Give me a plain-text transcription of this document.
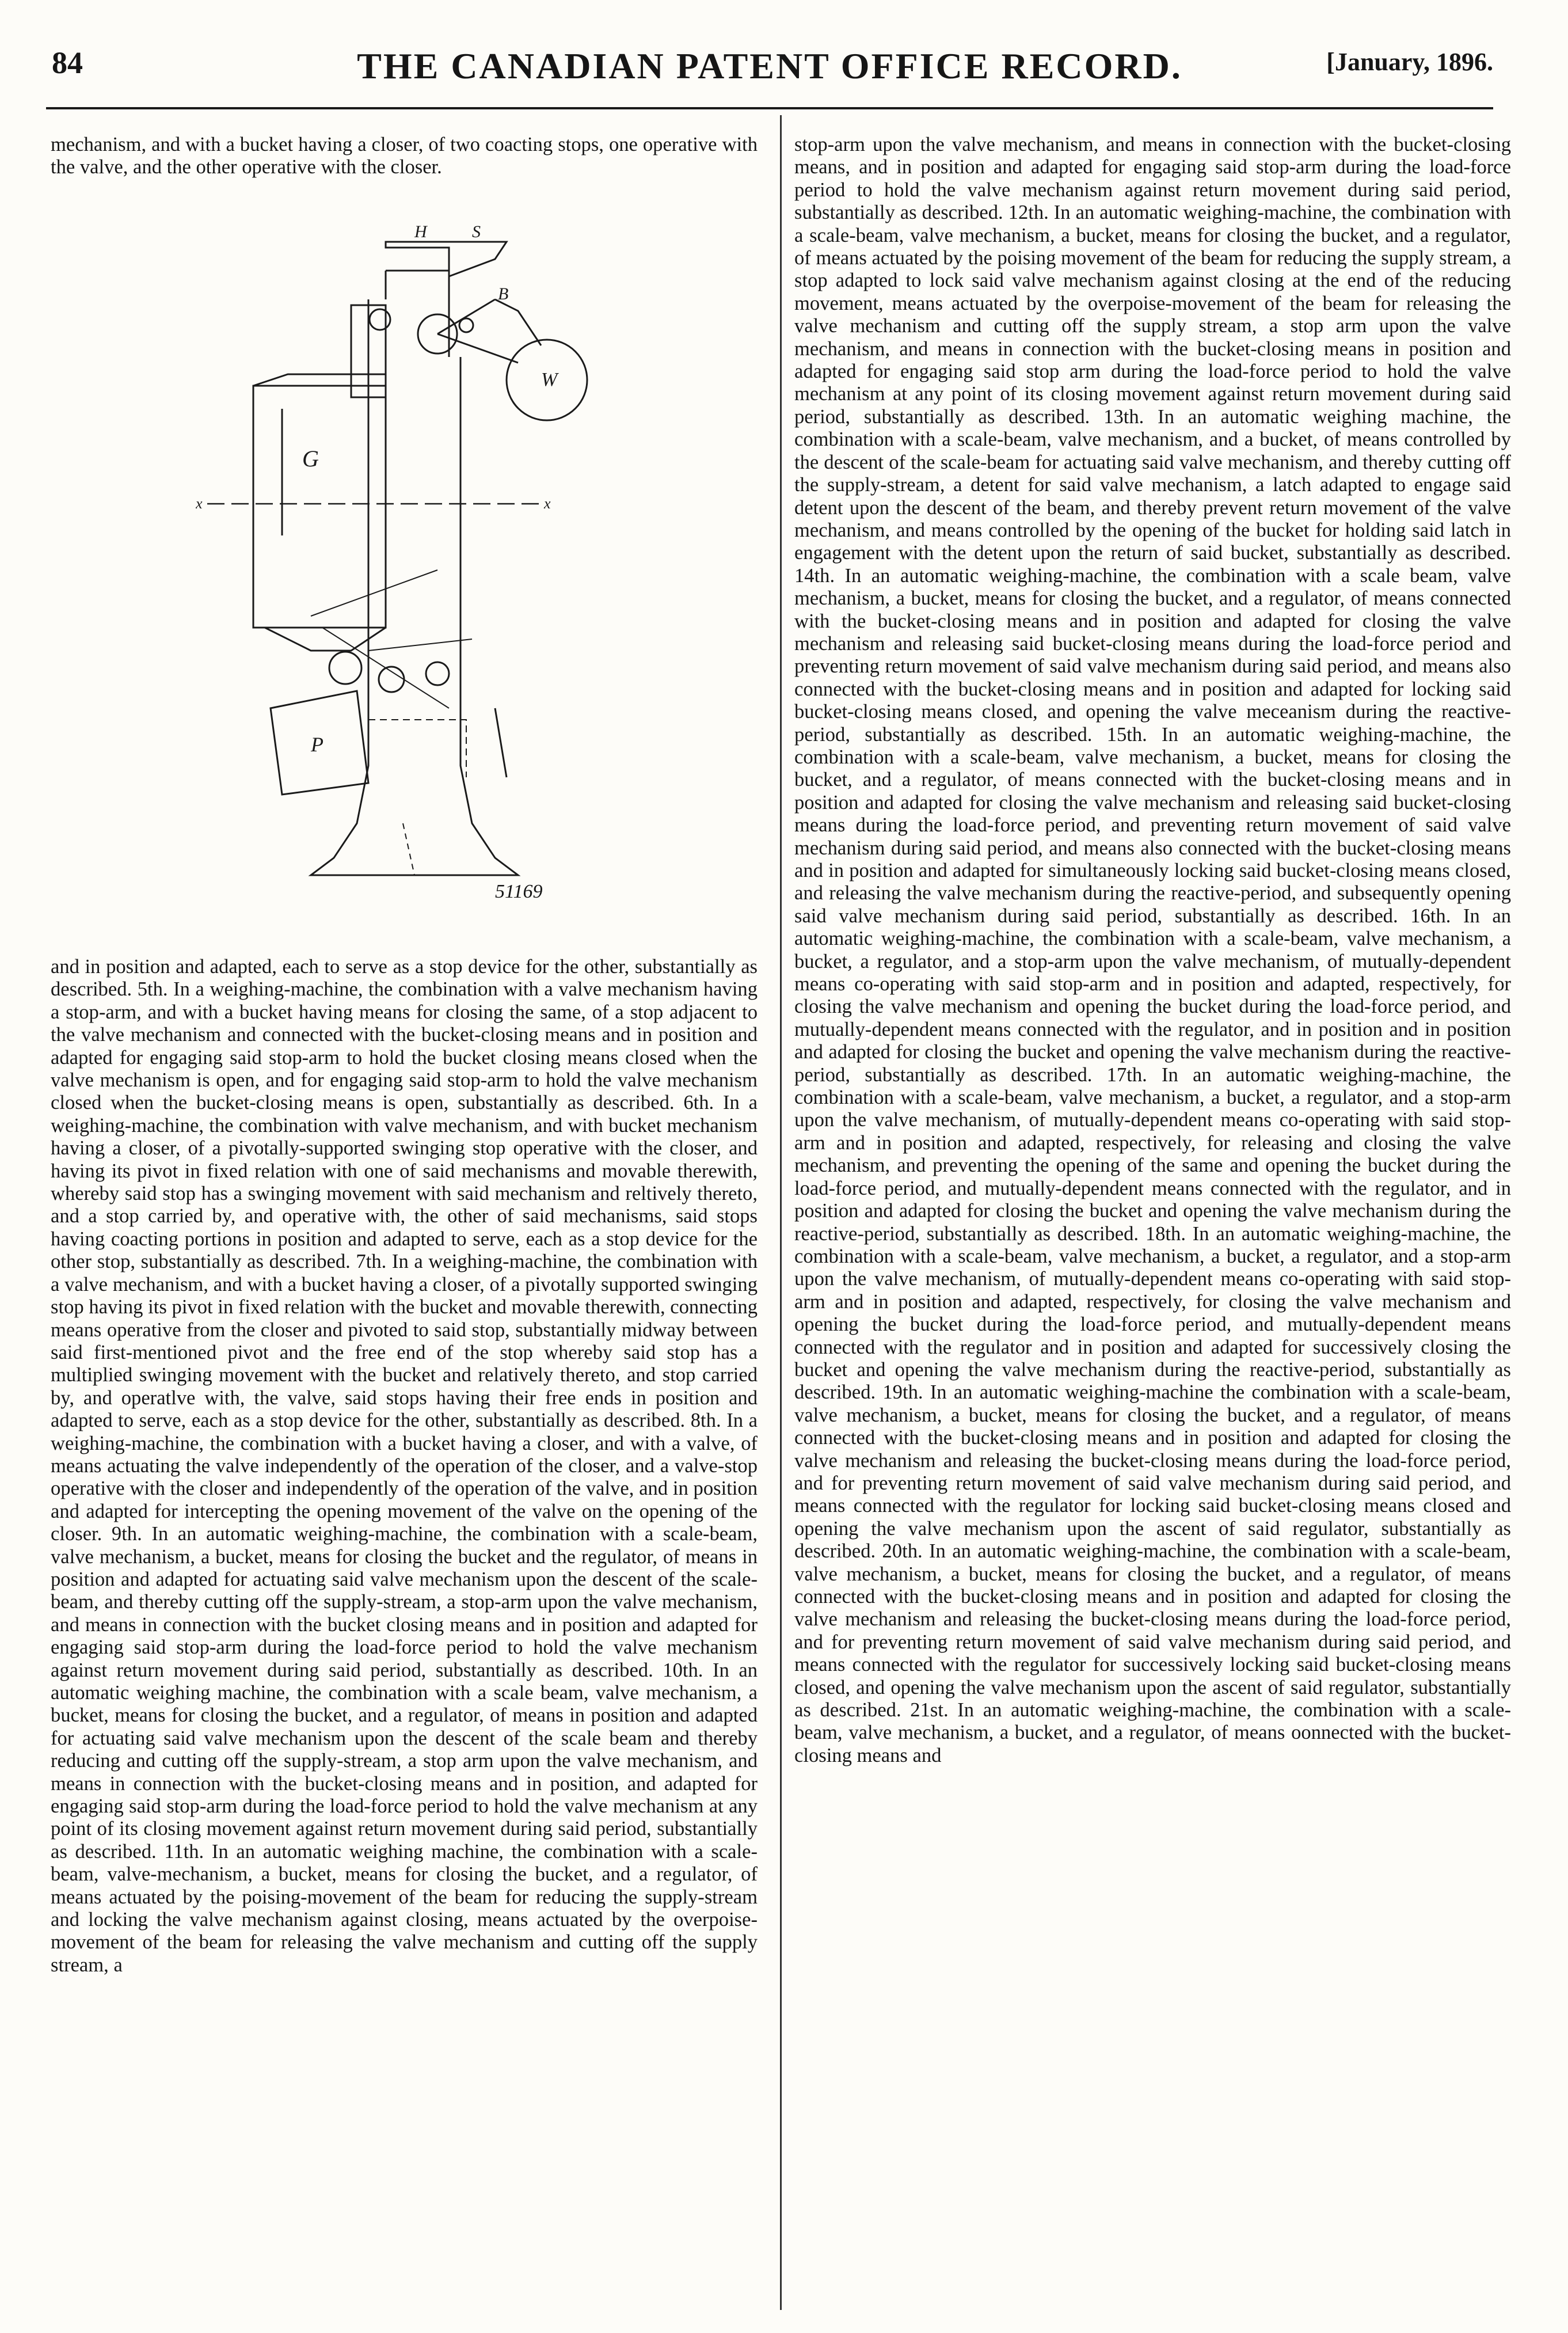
84	THE CANADIAN PATENT OFFICE RECORD.	[January, 1896.
mechanism, and with a bucket having a closer, of two coacting stops, one operative with the valve, and the other operative with the closer.
H	S
B
W
G
P
x	x
51169
and in position and adapted, each to serve as a stop device for the other, substantially as described. 5th. In a weighing-machine, the combination with a valve mechanism having a stop-arm, and with a bucket having means for closing the same, of a stop adjacent to the valve mechanism and connected with the bucket-closing means and in position and adapted for engaging said stop-arm to hold the bucket closing means closed when the valve mechanism is open, and for engaging said stop-arm to hold the valve mechanism closed when the bucket-closing means is open, substantially as described. 6th. In a weighing-machine, the combination with valve mechanism, and with bucket mechanism having a closer, of a pivotally-supported swinging stop operative with the closer, and having its pivot in fixed relation with one of said mechanisms and movable therewith, whereby said stop has a swinging movement with said mechanism and reltively thereto, and a stop carried by, and operative with, the other of said mechanisms, said stops having coacting portions in position and adapted to serve, each as a stop device for the other stop, substantially as described. 7th. In a weighing-machine, the combination with a valve mechanism, and with a bucket having a closer, of a pivotally supported swinging stop having its pivot in fixed relation with the bucket and movable therewith, connecting means operative from the closer and pivoted to said stop, substantially midway between said first-mentioned pivot and the free end of the stop whereby said stop has a multiplied swinging movement with the bucket and relatively thereto, and stop carried by, and operatlve with, the valve, said stops having their free ends in position and adapted to serve, each as a stop device for the other, substantially as described. 8th. In a weighing-machine, the combination with a bucket having a closer, and with a valve, of means actuating the valve independently of the operation of the closer, and a valve-stop operative with the closer and independently of the operation of the valve, and in position and adapted for intercepting the opening movement of the valve on the opening of the closer. 9th. In an automatic weighing-machine, the combination with a scale-beam, valve mechanism, a bucket, means for closing the bucket and the regulator, of means in position and adapted for actuating said valve mechanism upon the descent of the scale-beam, and thereby cutting off the supply-stream, a stop-arm upon the valve mechanism, and means in connection with the bucket closing means and in position and adapted for engaging said stop-arm during the load-force period to hold the valve mechanism against return movement during said period, substantially as described. 10th. In an automatic weighing machine, the combination with a scale beam, valve mechanism, a bucket, means for closing the bucket, and a regulator, of means in position and adapted for actuating said valve mechanism upon the descent of the scale beam and thereby reducing and cutting off the supply-stream, a stop arm upon the valve mechanism, and means in connection with the bucket-closing means and in position, and adapted for engaging said stop-arm during the load-force period to hold the valve mechanism at any point of its closing movement against return movement during said period, substantially as described. 11th. In an automatic weighing machine, the combination with a scale-beam, valve-mechanism, a bucket, means for closing the bucket, and a regulator, of means actuated by the poising-movement of the beam for reducing the supply-stream and locking the valve mechanism against closing, means actuated by the overpoise-movement of the beam for releasing the valve mechanism and cutting off the supply stream, a
stop-arm upon the valve mechanism, and means in connection with the bucket-closing means, and in position and adapted for engaging said stop-arm during the load-force period to hold the valve mechanism against return movement during said period, substantially as described. 12th. In an automatic weighing-machine, the combination with a scale-beam, valve mechanism, a bucket, means for closing the bucket, and a regulator, of means actuated by the poising movement of the beam for reducing the supply stream, a stop adapted to lock said valve mechanism against closing at the end of the reducing movement, means actuated by the overpoise-movement of the beam for releasing the valve mechanism and cutting off the supply stream, a stop arm upon the valve mechanism, and means in connection with the bucket-closing means in position and adapted for engaging said stop arm during the load-force period to hold the valve mechanism at any point of its closing movement against return movement during said period, substantially as described. 13th. In an automatic weighing machine, the combination with a scale-beam, valve mechanism, and a bucket, of means controlled by the descent of the scale-beam for actuating said valve mechanism, and thereby cutting off the supply-stream, a detent for said valve mechanism, a latch adapted to engage said detent upon the descent of the beam, and thereby prevent return movement of the valve mechanism, and means controlled by the opening of the bucket for holding said latch in engagement with the detent upon the return of said bucket, substantially as described. 14th. In an automatic weighing-machine, the combination with a scale beam, valve mechanism, a bucket, means for closing the bucket, and a regulator, of means connected with the bucket-closing means and in position and adapted for closing the valve mechanism and releasing said bucket-closing means during the load-force period and preventing return movement of said valve mechanism during said period, and means also connected with the bucket-closing means and in position and adapted for locking said bucket-closing means closed, and opening the valve meceanism during the reactive-period, substantially as described. 15th. In an automatic weighing-machine, the combination with a scale-beam, valve mechanism, a bucket, means for closing the bucket, and a regulator, of means connected with the bucket-closing means and in position and adapted for closing the valve mechanism and releasing said bucket-closing means during the load-force period, and preventing return movement of said valve mechanism during said period, and means also connected with the bucket-closing means and in position and adapted for simultaneously locking said bucket-closing means closed, and releasing the valve mechanism during the reactive-period, and subsequently opening said valve mechanism during said period, substantially as described. 16th. In an automatic weighing-machine, the combination with a scale-beam, valve mechanism, a bucket, a regulator, and a stop-arm upon the valve mechanism, of mutually-dependent means co-operating with said stop-arm and in position and adapted, respectively, for closing the valve mechanism and opening the bucket during the load-force period, and mutually-dependent means connected with the regulator, and in position and in position and adapted for closing the bucket and opening the valve mechanism during the reactive-period, substantially as described. 17th. In an automatic weighing-machine, the combination with a scale-beam, valve mechanism, a bucket, a regulator, and a stop-arm upon the valve mechanism, of mutually-dependent means co-operating with said stop-arm and in position and adapted, respectively, for releasing and closing the valve mechanism, and preventing the opening of the same and opening the bucket during the load-force period, and mutually-dependent means connected with the regulator, and in position and adapted for closing the bucket and opening the valve mechanism during the reactive-period, substantially as described. 18th. In an automatic weighing-machine, the combination with a scale-beam, valve mechanism, a bucket, a regulator, and a stop-arm upon the valve mechanism, of mutually-dependent means co-operating with said stop-arm and in position and adapted, respectively, for closing the valve mechanism and opening the bucket during the load-force period, and mutually-dependent means connected with the regulator and in position and adapted for successively closing the bucket and opening the valve mechanism during the reactive-period, substantially as described. 19th. In an automatic weighing-machine the combination with a scale-beam, valve mechanism, a bucket, means for closing the bucket, and a regulator, of means connected with the bucket-closing means and in position and adapted for closing the valve mechanism and releasing the bucket-closing means during the load-force period, and for preventing return movement of said valve mechanism during said period, and means connected with the regulator for locking said bucket-closing means closed and opening the valve mechanism upon the ascent of said regulator, substantially as described. 20th. In an automatic weighing-machine, the combination with a scale-beam, valve mechanism, a bucket, means for closing the bucket, and a regulator, of means connected with the bucket-closing means and in position and adapted for closing the valve mechanism and releasing the bucket-closing means during the load-force period, and for preventing return movement of said valve mechanism during said period, and means connected with the regulator for successively locking said bucket-closing means closed, and opening the valve mechanism upon the ascent of said regulator, substantially as described. 21st. In an automatic weighing-machine, the combination with a scale-beam, valve mechanism, a bucket, and a regulator, of means oonnected with the bucket-closing means and
